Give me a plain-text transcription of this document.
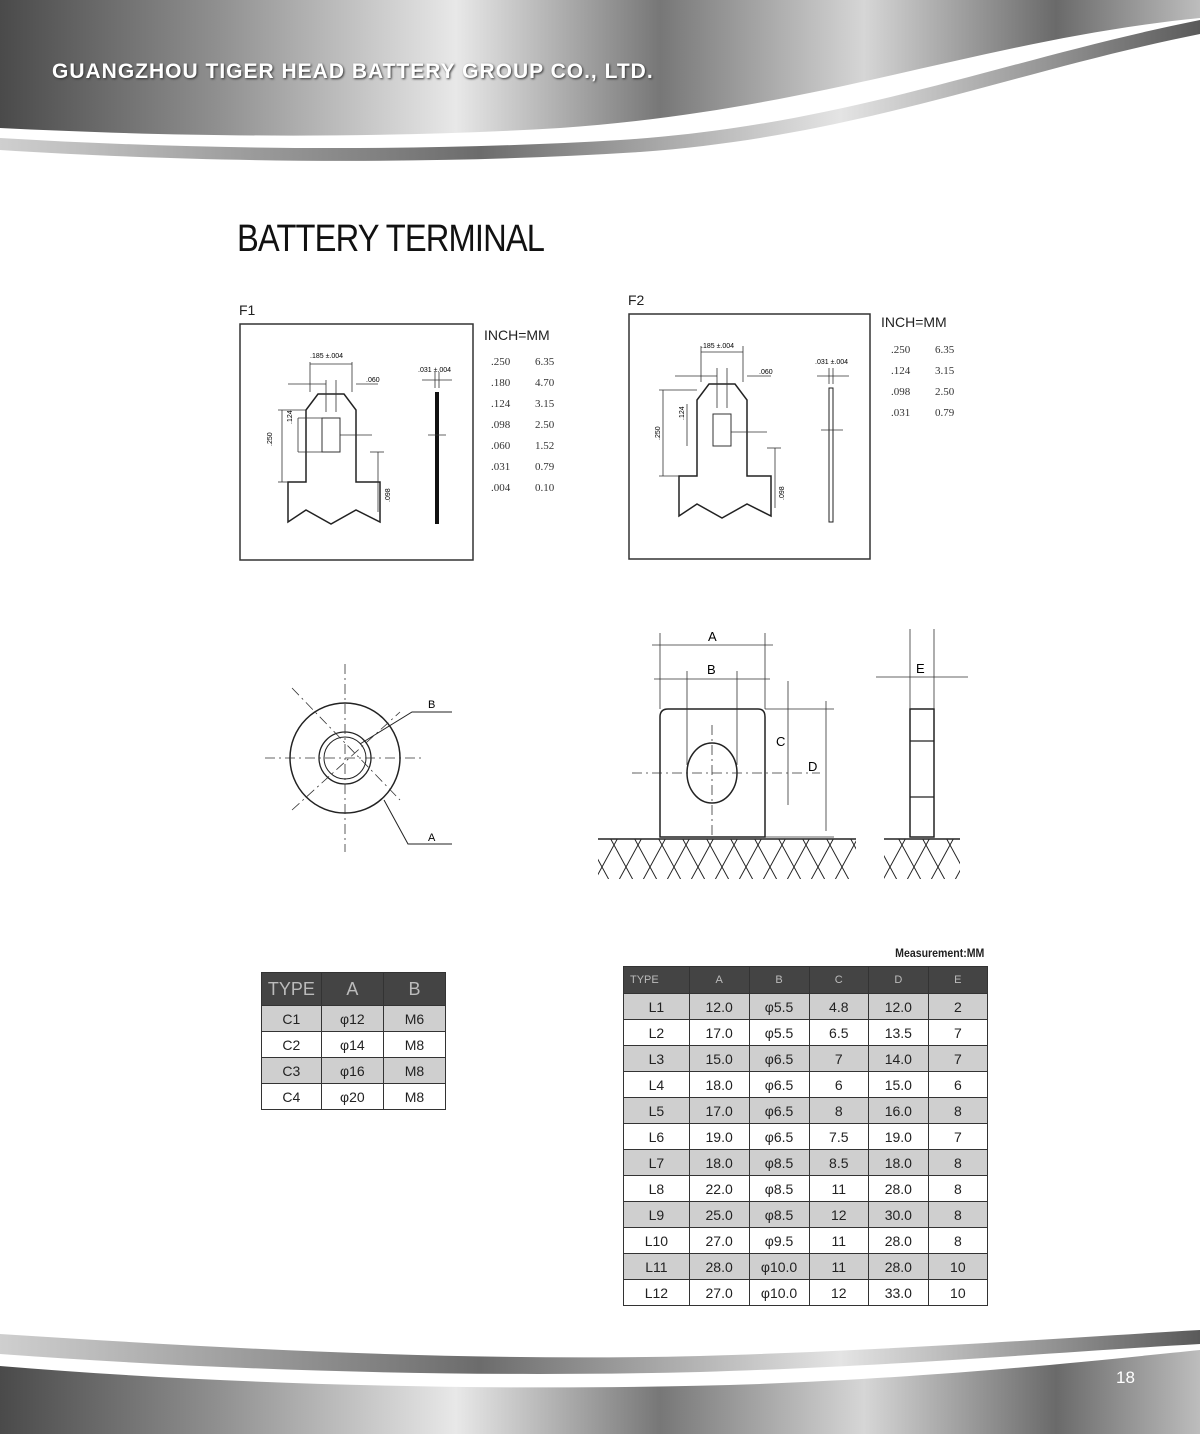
GUANGZHOU TIGER HEAD BATTERY GROUP CO., LTD.
BATTERY TERMINAL
F1
.185 ±.004
.031 ±.004
.060
.250
.124
.098
INCH=MM
.250	6.35
.180	4.70
.124	3.15
.098	2.50
.060	1.52
.031	0.79
.004	0.10
F2
.185 ±.004
.031 ±.004
.060
.250
.124
.098
INCH=MM
.250	6.35
.124	3.15
.098	2.50
.031	0.79
B
A
A
B
C
D
E
TYPE	A	B
C1	φ12	M6
C2	φ14	M8
C3	φ16	M8
C4	φ20	M8
Measurement:MM
TYPE	A	B	C	D	E
L1	12.0	φ5.5	4.8	12.0	2
L2	17.0	φ5.5	6.5	13.5	7
L3	15.0	φ6.5	7	14.0	7
L4	18.0	φ6.5	6	15.0	6
L5	17.0	φ6.5	8	16.0	8
L6	19.0	φ6.5	7.5	19.0	7
L7	18.0	φ8.5	8.5	18.0	8
L8	22.0	φ8.5	11	28.0	8
L9	25.0	φ8.5	12	30.0	8
L10	27.0	φ9.5	11	28.0	8
L11	28.0	φ10.0	11	28.0	10
L12	27.0	φ10.0	12	33.0	10
18
